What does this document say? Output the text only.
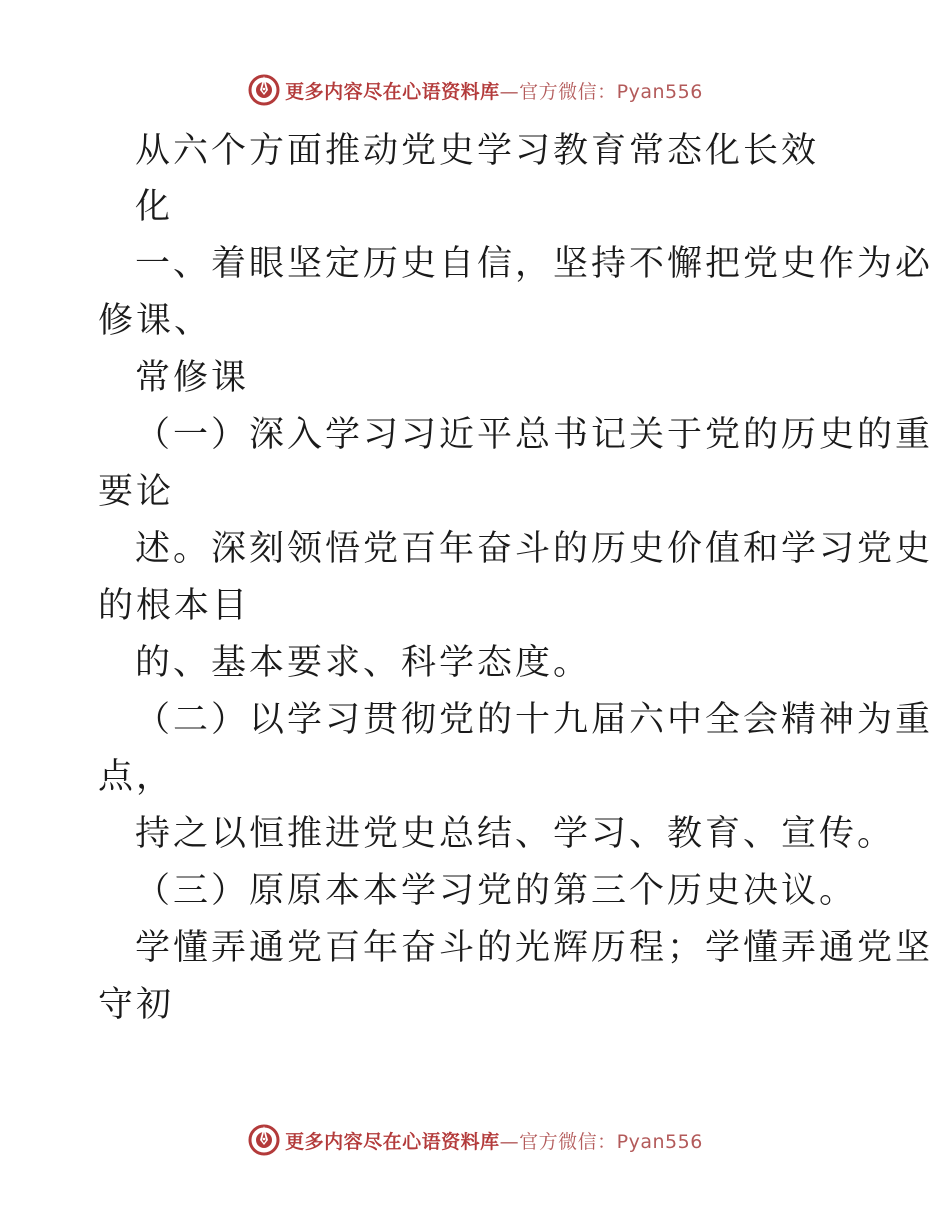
更多内容尽在心语资料库—官方微信：Pyan556
从六个方面推动党史学习教育常态化长效
化
一、着眼坚定历史自信，坚持不懈把党史作为必
修课、
常修课
（一）深入学习习近平总书记关于党的历史的重
要论
述。深刻领悟党百年奋斗的历史价值和学习党史
的根本目
的、基本要求、科学态度。
（二）以学习贯彻党的十九届六中全会精神为重
点，
持之以恒推进党史总结、学习、教育、宣传。
（三）原原本本学习党的第三个历史决议。
学懂弄通党百年奋斗的光辉历程；学懂弄通党坚
守初
更多内容尽在心语资料库—官方微信：Pyan556
